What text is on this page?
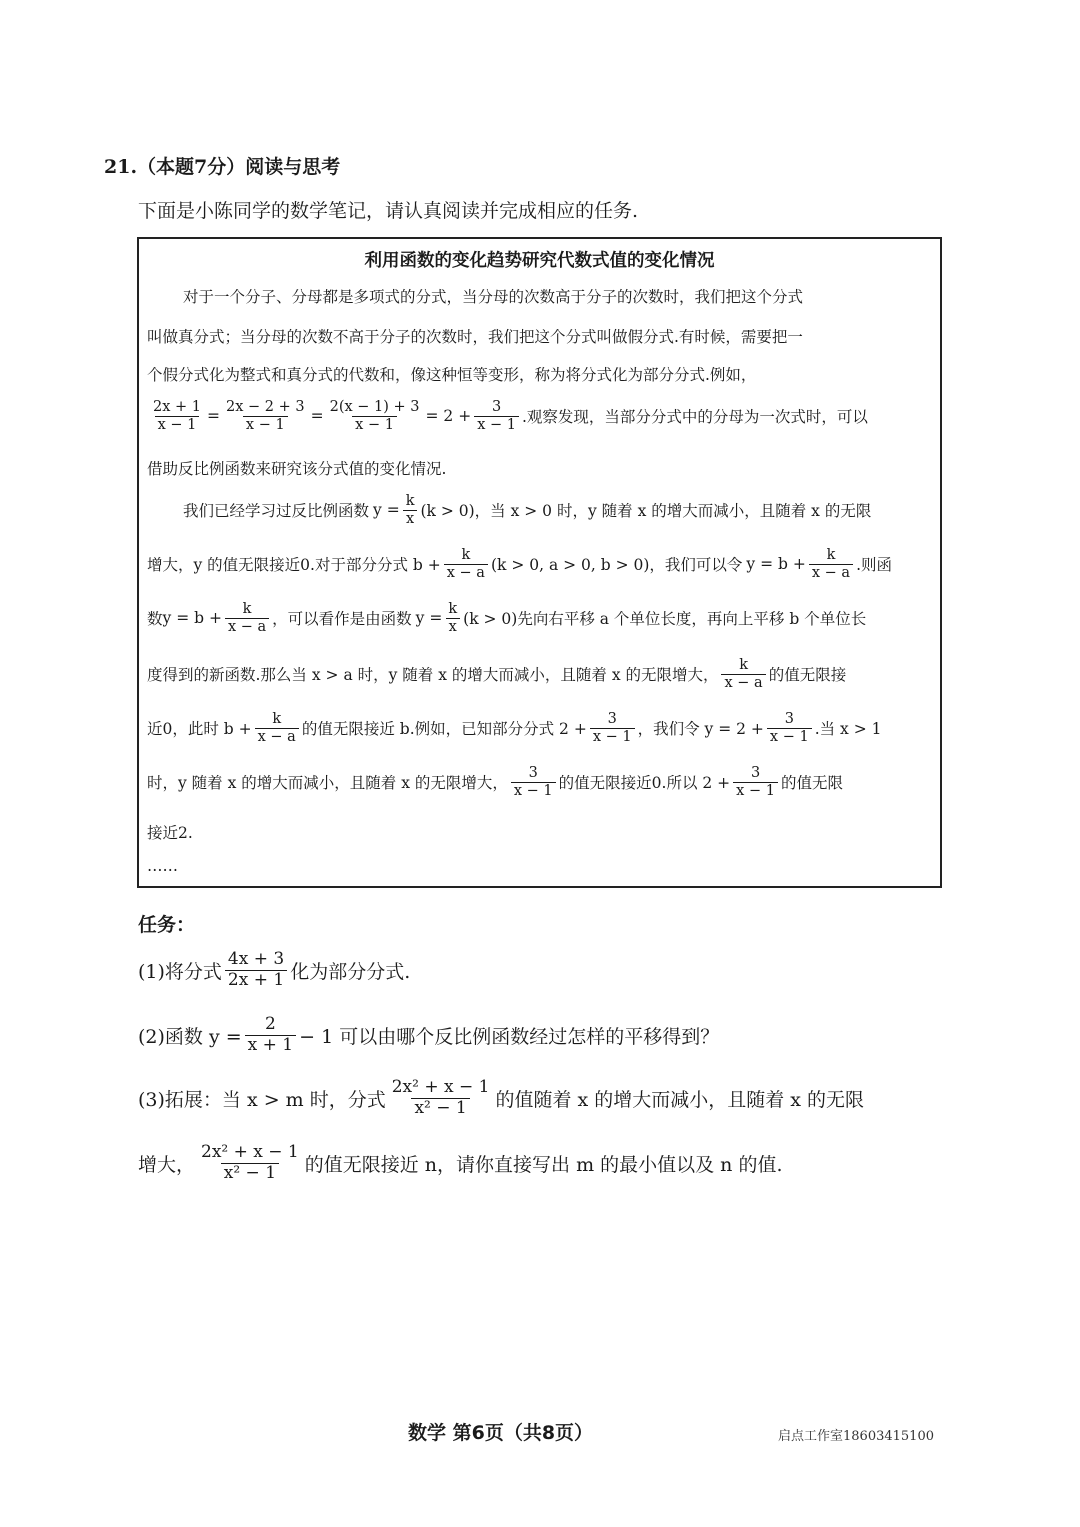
21.（本题7分）阅读与思考
下面是小陈同学的数学笔记，请认真阅读并完成相应的任务.
利用函数的变化趋势研究代数式值的变化情况
对于一个分子、分母都是多项式的分式，当分母的次数高于分子的次数时，我们把这个分式
叫做真分式；当分母的次数不高于分子的次数时，我们把这个分式叫做假分式.有时候，需要把一
个假分式化为整式和真分式的代数和，像这种恒等变形，称为将分式化为部分分式.例如，
$\frac{2x + 1}{x - 1} = \frac{2x - 2 + 3}{x - 1} = \frac{2(x - 1) + 3}{x - 1} = 2 + \frac{3}{x - 1}$ .观察发现，当部分分式中的分母为一次式时，可以
借助反比例函数来研究该分式值的变化情况.
我们已经学习过反比例函数 $y = \frac{k}{x} (k > 0)$，当 x > 0 时，y 随着 x 的增大而减小，且随着 x 的无限
增大，y 的值无限接近0.对于部分分式 $b + \frac{k}{x - a} (k > 0$, a > 0, b > 0)，我们可以令 $y = b + \frac{k}{x - a}$ .则函
数 $y = b + \frac{k}{x - a}$ ，可以看作是由函数 $y = \frac{k}{x} (k > 0)$先向右平移 a 个单位长度，再向上平移 b 个单位长
度得到的新函数.那么当 x > a 时，y 随着 x 的增大而减小，且随着 x 的无限增大， $\frac{k}{x - a}$ 的值无限接
近0，此时 $b + \frac{k}{x - a}$ 的值无限接近 b.例如，已知部分分式 $2 + \frac{3}{x - 1}$ ，我们令 $y = 2 + \frac{3}{x - 1}$ .当 x > 1
时，y 随着 x 的增大而减小，且随着 x 的无限增大， $\frac{3}{x - 1}$ 的值无限接近0.所以 $2 + \frac{3}{x - 1}$ 的值无限
接近2.
……
任务：
(1)将分式 $\frac{4x + 3}{2x + 1}$ 化为部分分式.
(2)函数 $y = \frac{2}{x + 1} - 1$ 可以由哪个反比例函数经过怎样的平移得到？
(3)拓展：当 x > m 时，分式 $\frac{\text{2x² + x − 1}}{\text{x² − 1}}$ 的值随着 x 的增大而减小，且随着 x 的无限
增大， $\frac{\text{2x² + x − 1}}{\text{x² − 1}}$ 的值无限接近 n，请你直接写出 m 的最小值以及 n 的值.
数学 第6页（共8页）	启点工作室18603415100
